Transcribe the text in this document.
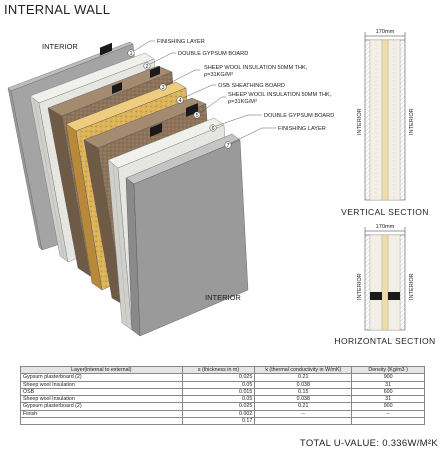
INTERNAL WALL
1
2
3
4
5
6
7
INTERIOR	FINISHING LAYER
DOUBLE GYPSUM BOARD
SHEEP WOOL INSULATION 50MM THK,
ρ=31KG/M³
OSB SHEATHING BOARD
SHEEP WOOL INSULATION 50MM THK,
ρ=31KG/M³
DOUBLE GYPSUM BOARD
FINISHING LAYER
INTERIOR
170mm
INTERIOR	INTERIOR
VERTICAL SECTION
170mm
INTERIOR	INTERIOR
HORIZONTAL SECTION
Layer(internal to external)	s (thickness in m)	k (thermal conductivity in W/mK)	Density (Kg/m3 )
Gypsum plasterboard (2)	0.025	0.21	900
Sheep wool Insulation	0.05	0.038	31
OSB	0.015	0.15	600
Sheep wool Insulation	0.05	0.038	31
Gypsum plasterboard (2)	0.025	0.21	900
Finish	0.002	--	--
	0.17		
TOTAL U-VALUE: 0.336W/M²K
